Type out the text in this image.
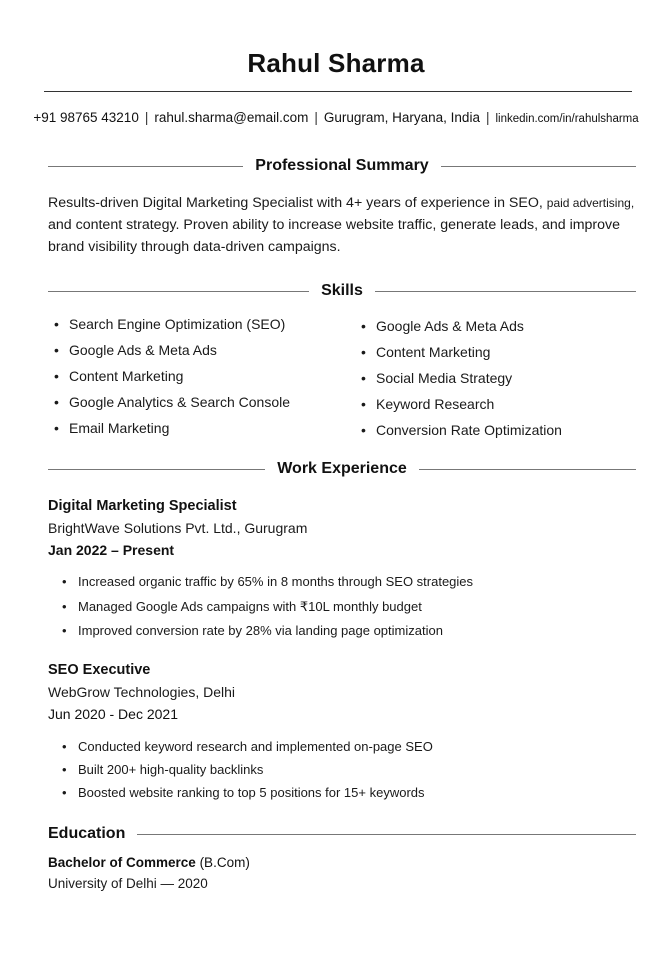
Rahul Sharma
+91 98765 43210 | rahul.sharma@email.com | Gurugram, Haryana, India | linkedin.com/in/rahulsharma
Professional Summary
Results-driven Digital Marketing Specialist with 4+ years of experience in SEO, paid advertising, and content strategy. Proven ability to increase website traffic, generate leads, and improve brand visibility through data-driven campaigns.
Skills
• Search Engine Optimization (SEO)
• Google Ads & Meta Ads
• Content Marketing
• Google Analytics & Search Console
• Email Marketing
• Google Ads & Meta Ads
• Content Marketing
• Social Media Strategy
• Keyword Research
• Conversion Rate Optimization
Work Experience
Digital Marketing Specialist
BrightWave Solutions Pvt. Ltd., Gurugram
Jan 2022 – Present
• Increased organic traffic by 65% in 8 months through SEO strategies
• Managed Google Ads campaigns with ₹10L monthly budget
• Improved conversion rate by 28% via landing page optimization
SEO Executive
WebGrow Technologies, Delhi
Jun 2020 - Dec 2021
• Conducted keyword research and implemented on-page SEO
• Built 200+ high-quality backlinks
• Boosted website ranking to top 5 positions for 15+ keywords
Education
Bachelor of Commerce (B.Com)
University of Delhi — 2020
